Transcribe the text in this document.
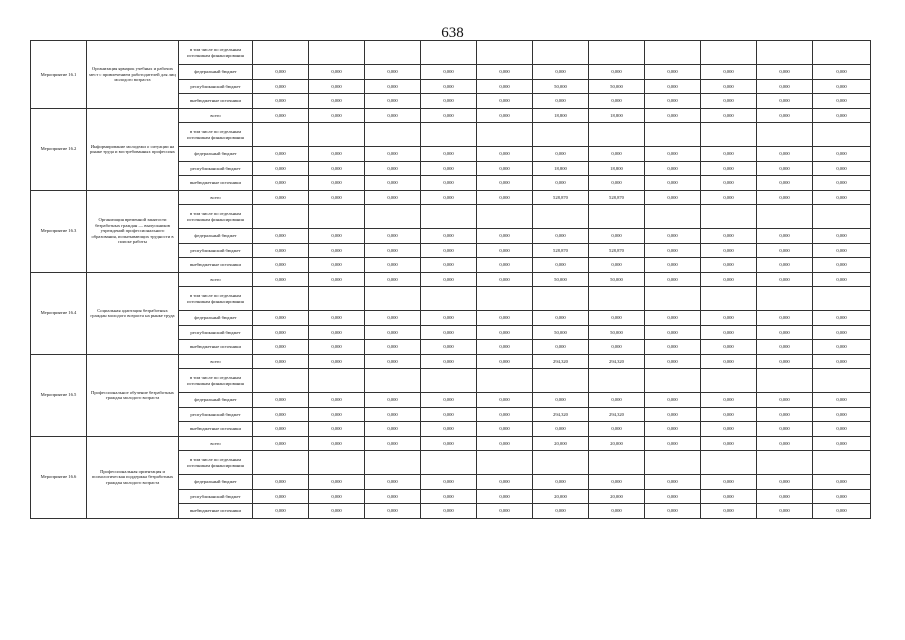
638
Мероприятие 16.1	Организация ярмарок учебных и рабочих мест с привлечением работодателей для лиц молодого возраста	в том числе по отдельным источникам финансирования											
		федеральный бюджет	0,000	0,000	0,000	0,000	0,000	0,000	0,000	0,000	0,000	0,000	0,000
		республиканский бюджет	0,000	0,000	0,000	0,000	0,000	50,000	50,000	0,000	0,000	0,000	0,000
		внебюджетные источники	0,000	0,000	0,000	0,000	0,000	0,000	0,000	0,000	0,000	0,000	0,000
Мероприятие 16.2	Информирование молодежи о ситуации на рынке труда и востребованных профессиях	всего	0,000	0,000	0,000	0,000	0,000	18,800	18,800	0,000	0,000	0,000	0,000
		в том числе по отдельным источникам финансирования											
		федеральный бюджет	0,000	0,000	0,000	0,000	0,000	0,000	0,000	0,000	0,000	0,000	0,000
		республиканский бюджет	0,000	0,000	0,000	0,000	0,000	18,800	18,800	0,000	0,000	0,000	0,000
		внебюджетные источники	0,000	0,000	0,000	0,000	0,000	0,000	0,000	0,000	0,000	0,000	0,000
Мероприятие 16.3	Организация временной занятости безработных граждан — выпускников учреждений профессионального образования, испытывающих трудности в поиске работы	всего	0,000	0,000	0,000	0,000	0,000	528,870	528,870	0,000	0,000	0,000	0,000
		в том числе по отдельным источникам финансирования											
		федеральный бюджет	0,000	0,000	0,000	0,000	0,000	0,000	0,000	0,000	0,000	0,000	0,000
		республиканский бюджет	0,000	0,000	0,000	0,000	0,000	528,870	528,870	0,000	0,000	0,000	0,000
		внебюджетные источники	0,000	0,000	0,000	0,000	0,000	0,000	0,000	0,000	0,000	0,000	0,000
Мероприятие 16.4	Социальная адаптация безработных граждан молодого возраста на рынке труда	всего	0,000	0,000	0,000	0,000	0,000	50,000	50,000	0,000	0,000	0,000	0,000
		в том числе по отдельным источникам финансирования											
		федеральный бюджет	0,000	0,000	0,000	0,000	0,000	0,000	0,000	0,000	0,000	0,000	0,000
		республиканский бюджет	0,000	0,000	0,000	0,000	0,000	50,000	50,000	0,000	0,000	0,000	0,000
		внебюджетные источники	0,000	0,000	0,000	0,000	0,000	0,000	0,000	0,000	0,000	0,000	0,000
Мероприятие 16.5	Профессиональное обучение безработных граждан молодого возраста	всего	0,000	0,000	0,000	0,000	0,000	294,320	294,320	0,000	0,000	0,000	0,000
		в том числе по отдельным источникам финансирования											
		федеральный бюджет	0,000	0,000	0,000	0,000	0,000	0,000	0,000	0,000	0,000	0,000	0,000
		республиканский бюджет	0,000	0,000	0,000	0,000	0,000	294,320	294,320	0,000	0,000	0,000	0,000
		внебюджетные источники	0,000	0,000	0,000	0,000	0,000	0,000	0,000	0,000	0,000	0,000	0,000
Мероприятие 16.6	Профессиональная ориентация и психологическая поддержка безработных граждан молодого возраста	всего	0,000	0,000	0,000	0,000	0,000	20,000	20,000	0,000	0,000	0,000	0,000
		в том числе по отдельным источникам финансирования											
		федеральный бюджет	0,000	0,000	0,000	0,000	0,000	0,000	0,000	0,000	0,000	0,000	0,000
		республиканский бюджет	0,000	0,000	0,000	0,000	0,000	20,000	20,000	0,000	0,000	0,000	0,000
		внебюджетные источники	0,000	0,000	0,000	0,000	0,000	0,000	0,000	0,000	0,000	0,000	0,000
